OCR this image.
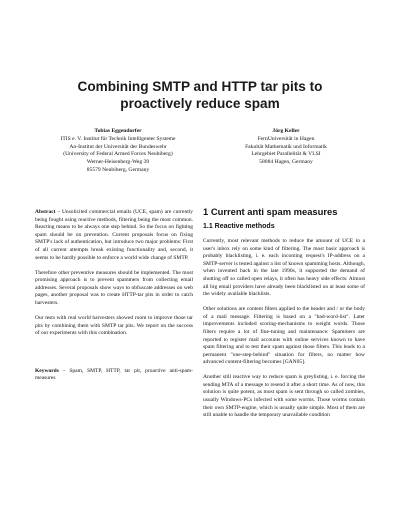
Combining SMTP and HTTP tar pits to
proactively reduce spam
Tobias Eggendorfer
ITIS e. V. Institut für Technik Intelligenter Systeme
An-Institut der Universität der Bundeswehr
(University of Federal Armed Forces Neubiberg)
Werner-Heisenberg-Weg 39
85579 Neubiberg, Germany
Jörg Keller
FernUniversität in Hagen
Fakultät Mathematik und Informatik
Lehrgebiet Parallelität & VLSI
58084 Hagen, Germany

Abstract – Unsolicited commercial emails (UCE, spam) are currently being fought using reactive methods, filtering being the most common. Reacting means to be always one step behind. So the focus on fighting spam should be on prevention. Current proposals focus on fixing SMTP's lack of authentication, but introduce two major problems: First of all current attempts break existing functionality and, second, it seems to be hardly possible to enforce a world wide change of SMTP.

Therefore other preventive measures should be implemented. The most promising approach is to prevent spammers from collecting email addresses. Several proposals show ways to obfuscate addresses on web pages, another proposal was to create HTTP-tar pits in order to catch harvesters.

Our tests with real world harvesters showed room to improve those tar pits by combining them with SMTP tar pits. We report on the success of our experiments with this combination.

Keywords – Spam, SMTP, HTTP, tar pit, proactive anti-spam-measures

1 Current anti spam measures
1.1 Reactive methods

Currently, most relevant methods to reduce the amount of UCE in a user's inbox rely on some kind of filtering. The most basic approach is probably blacklisting, i. e. each incoming request's IP-address on a SMTP-server is tested against a list of known spamming hosts. Although, when invented back in the late 1990s, it supported the demand of shutting off so called open relays, it often has heavy side effects: Almost all big email providers have already been blacklisted on at least some of the widely available blacklists.

Other solutions are content filters applied to the header and / or the body of a mail message. Filtering is based on a "bad-word-list". Later improvements included scoring-mechanisms to weight words. Those filters require a lot of fine-tuning and maintenance: Spammers are reported to register mail accounts with online services known to have spam filtering and to test their spam against those filters. This leads to a permanent "one-step-behind" situation for filters, no matter how advanced content-filtering becomes [GAN05].

Another still reactive way to reduce spam is greylisting, i. e. forcing the sending MTA of a message to resend it after a short time. As of now, this solution is quite potent, as most spam is sent through so called zombies, usually Windows-PCs infected with some worms. Those worms contain their own SMTP-engine, which is usually quite simple. Most of them are still unable to handle the temporary unavailable condition
